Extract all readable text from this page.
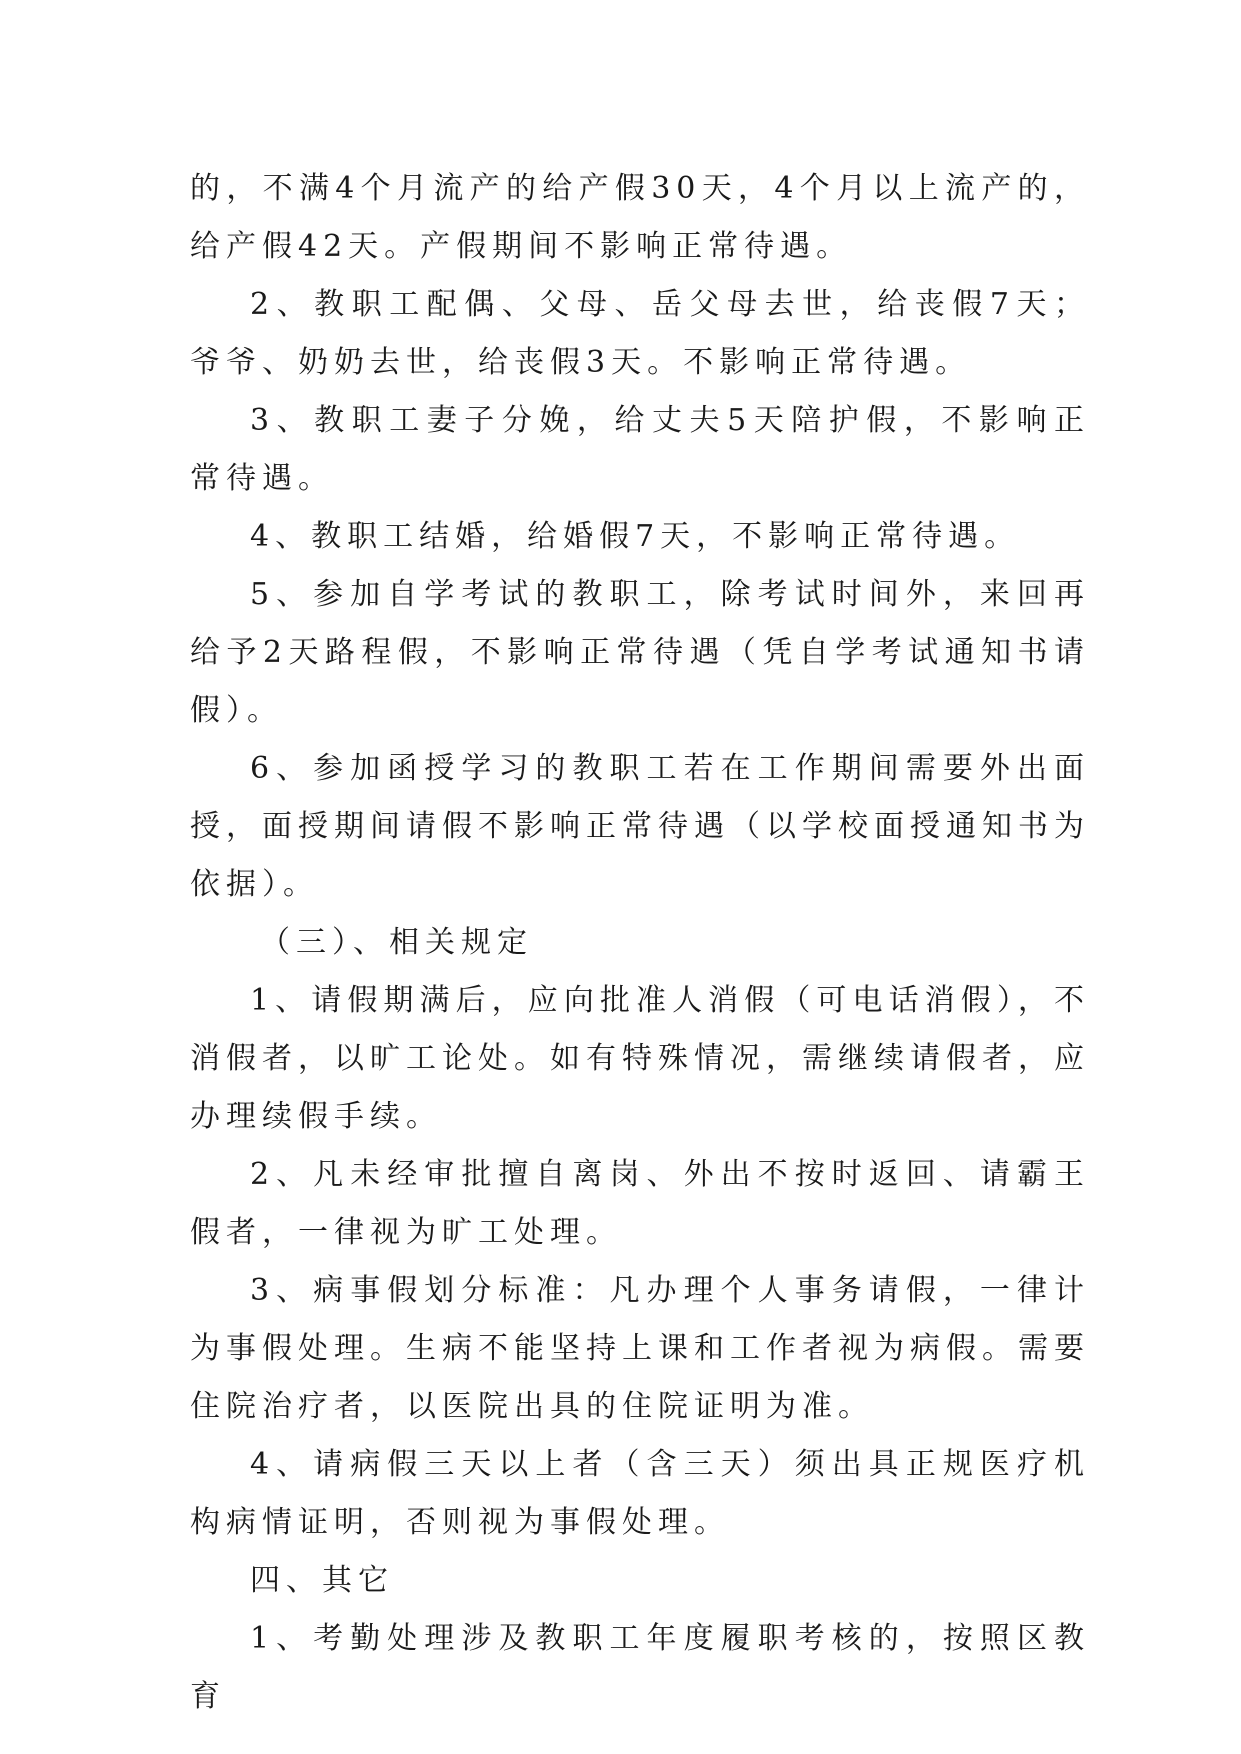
的，不满4个月流产的给产假30天，4个月以上流产的，给产假42天。产假期间不影响正常待遇。

2、教职工配偶、父母、岳父母去世，给丧假7天；爷爷、奶奶去世，给丧假3天。不影响正常待遇。

3、教职工妻子分娩，给丈夫5天陪护假，不影响正常待遇。

4、教职工结婚，给婚假7天，不影响正常待遇。

5、参加自学考试的教职工，除考试时间外，来回再给予2天路程假，不影响正常待遇（凭自学考试通知书请假）。

6、参加函授学习的教职工若在工作期间需要外出面授，面授期间请假不影响正常待遇（以学校面授通知书为依据）。

（三）、相关规定

1、请假期满后，应向批准人消假（可电话消假），不消假者，以旷工论处。如有特殊情况，需继续请假者，应办理续假手续。

2、凡未经审批擅自离岗、外出不按时返回、请霸王假者，一律视为旷工处理。

3、病事假划分标准：凡办理个人事务请假，一律计为事假处理。生病不能坚持上课和工作者视为病假。需要住院治疗者，以医院出具的住院证明为准。

4、请病假三天以上者（含三天）须出具正规医疗机构病情证明，否则视为事假处理。

四、其它

1、考勤处理涉及教职工年度履职考核的，按照区教育
